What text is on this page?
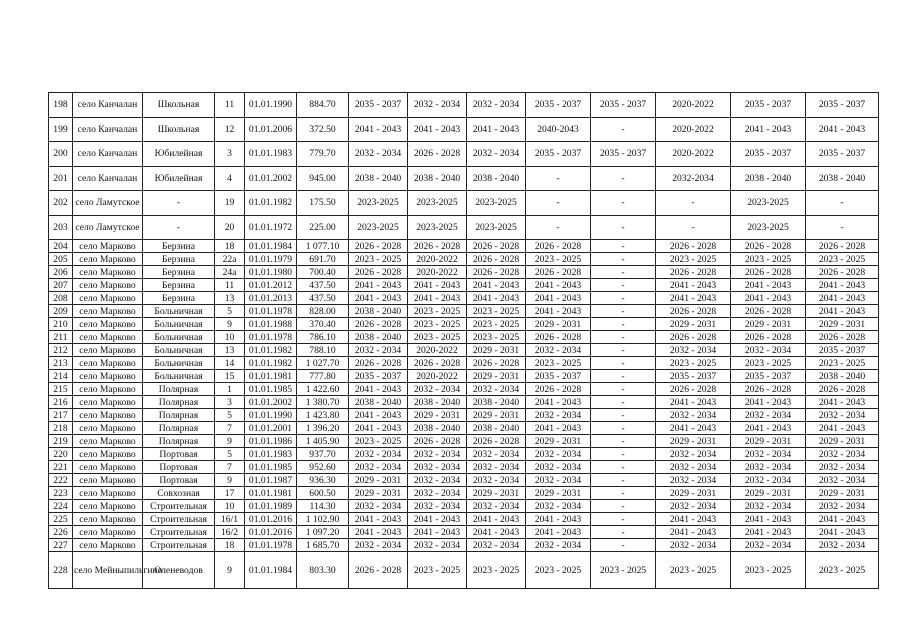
198	село Канчалан	Школьная	11	01.01.1990	884.70	2035 - 2037	2032 - 2034	2032 - 2034	2035 - 2037	2035 - 2037	2020-2022	2035 - 2037	2035 - 2037
199	село Канчалан	Школьная	12	01.01.2006	372.50	2041 - 2043	2041 - 2043	2041 - 2043	2040-2043	-	2020-2022	2041 - 2043	2041 - 2043
200	село Канчалан	Юбилейная	3	01.01.1983	779.70	2032 - 2034	2026 - 2028	2032 - 2034	2035 - 2037	2035 - 2037	2020-2022	2035 - 2037	2035 - 2037
201	село Канчалан	Юбилейная	4	01.01.2002	945.00	2038 - 2040	2038 - 2040	2038 - 2040	-	-	2032-2034	2038 - 2040	2038 - 2040
202	село Ламутское	-	19	01.01.1982	175.50	2023-2025	2023-2025	2023-2025	-	-	-	2023-2025	-
203	село Ламутское	-	20	01.01.1972	225.00	2023-2025	2023-2025	2023-2025	-	-	-	2023-2025	-
204	село Марково	Берзина	18	01.01.1984	1 077.10	2026 - 2028	2026 - 2028	2026 - 2028	2026 - 2028	-	2026 - 2028	2026 - 2028	2026 - 2028
205	село Марково	Берзина	22а	01.01.1979	691.70	2023 - 2025	2020-2022	2026 - 2028	2023 - 2025	-	2023 - 2025	2023 - 2025	2023 - 2025
206	село Марково	Берзина	24а	01.01.1980	700.40	2026 - 2028	2020-2022	2026 - 2028	2026 - 2028	-	2026 - 2028	2026 - 2028	2026 - 2028
207	село Марково	Берзина	11	01.01.2012	437.50	2041 - 2043	2041 - 2043	2041 - 2043	2041 - 2043	-	2041 - 2043	2041 - 2043	2041 - 2043
208	село Марково	Берзина	13	01.01.2013	437.50	2041 - 2043	2041 - 2043	2041 - 2043	2041 - 2043	-	2041 - 2043	2041 - 2043	2041 - 2043
209	село Марково	Больничная	5	01.01.1978	828.00	2038 - 2040	2023 - 2025	2023 - 2025	2041 - 2043	-	2026 - 2028	2026 - 2028	2041 - 2043
210	село Марково	Больничная	9	01.01.1988	370.40	2026 - 2028	2023 - 2025	2023 - 2025	2029 - 2031	-	2029 - 2031	2029 - 2031	2029 - 2031
211	село Марково	Больничная	10	01.01.1978	786.10	2038 - 2040	2023 - 2025	2023 - 2025	2026 - 2028	-	2026 - 2028	2026 - 2028	2026 - 2028
212	село Марково	Больничная	13	01.01.1982	788.10	2032 - 2034	2020-2022	2029 - 2031	2032 - 2034	-	2032 - 2034	2032 - 2034	2035 - 2037
213	село Марково	Больничная	14	01.01.1982	1 027.70	2026 - 2028	2026 - 2028	2026 - 2028	2023 - 2025	-	2023 - 2025	2023 - 2025	2023 - 2025
214	село Марково	Больничная	15	01.01.1981	777.80	2035 - 2037	2020-2022	2029 - 2031	2035 - 2037	-	2035 - 2037	2035 - 2037	2038 - 2040
215	село Марково	Полярная	1	01.01.1985	1 422.60	2041 - 2043	2032 - 2034	2032 - 2034	2026 - 2028	-	2026 - 2028	2026 - 2028	2026 - 2028
216	село Марково	Полярная	3	01.01.2002	1 380.70	2038 - 2040	2038 - 2040	2038 - 2040	2041 - 2043	-	2041 - 2043	2041 - 2043	2041 - 2043
217	село Марково	Полярная	5	01.01.1990	1 423.80	2041 - 2043	2029 - 2031	2029 - 2031	2032 - 2034	-	2032 - 2034	2032 - 2034	2032 - 2034
218	село Марково	Полярная	7	01.01.2001	1 396.20	2041 - 2043	2038 - 2040	2038 - 2040	2041 - 2043	-	2041 - 2043	2041 - 2043	2041 - 2043
219	село Марково	Полярная	9	01.01.1986	1 405.90	2023 - 2025	2026 - 2028	2026 - 2028	2029 - 2031	-	2029 - 2031	2029 - 2031	2029 - 2031
220	село Марково	Портовая	5	01.01.1983	937.70	2032 - 2034	2032 - 2034	2032 - 2034	2032 - 2034	-	2032 - 2034	2032 - 2034	2032 - 2034
221	село Марково	Портовая	7	01.01.1985	952.60	2032 - 2034	2032 - 2034	2032 - 2034	2032 - 2034	-	2032 - 2034	2032 - 2034	2032 - 2034
222	село Марково	Портовая	9	01.01.1987	936.30	2029 - 2031	2032 - 2034	2032 - 2034	2032 - 2034	-	2032 - 2034	2032 - 2034	2032 - 2034
223	село Марково	Совхозная	17	01.01.1981	600.50	2029 - 2031	2032 - 2034	2029 - 2031	2029 - 2031	-	2029 - 2031	2029 - 2031	2029 - 2031
224	село Марково	Строительная	10	01.01.1989	114.30	2032 - 2034	2032 - 2034	2032 - 2034	2032 - 2034	-	2032 - 2034	2032 - 2034	2032 - 2034
225	село Марково	Строительная	16/1	01.01.2016	1 102.90	2041 - 2043	2041 - 2043	2041 - 2043	2041 - 2043	-	2041 - 2043	2041 - 2043	2041 - 2043
226	село Марково	Строительная	16/2	01.01.2016	1 097.20	2041 - 2043	2041 - 2043	2041 - 2043	2041 - 2043	-	2041 - 2043	2041 - 2043	2041 - 2043
227	село Марково	Строительная	18	01.01.1978	1 685.70	2032 - 2034	2032 - 2034	2032 - 2034	2032 - 2034	-	2032 - 2034	2032 - 2034	2032 - 2034
228	село Мейныпильгино	Оленеводов	9	01.01.1984	803.30	2026 - 2028	2023 - 2025	2023 - 2025	2023 - 2025	2023 - 2025	2023 - 2025	2023 - 2025	2023 - 2025
